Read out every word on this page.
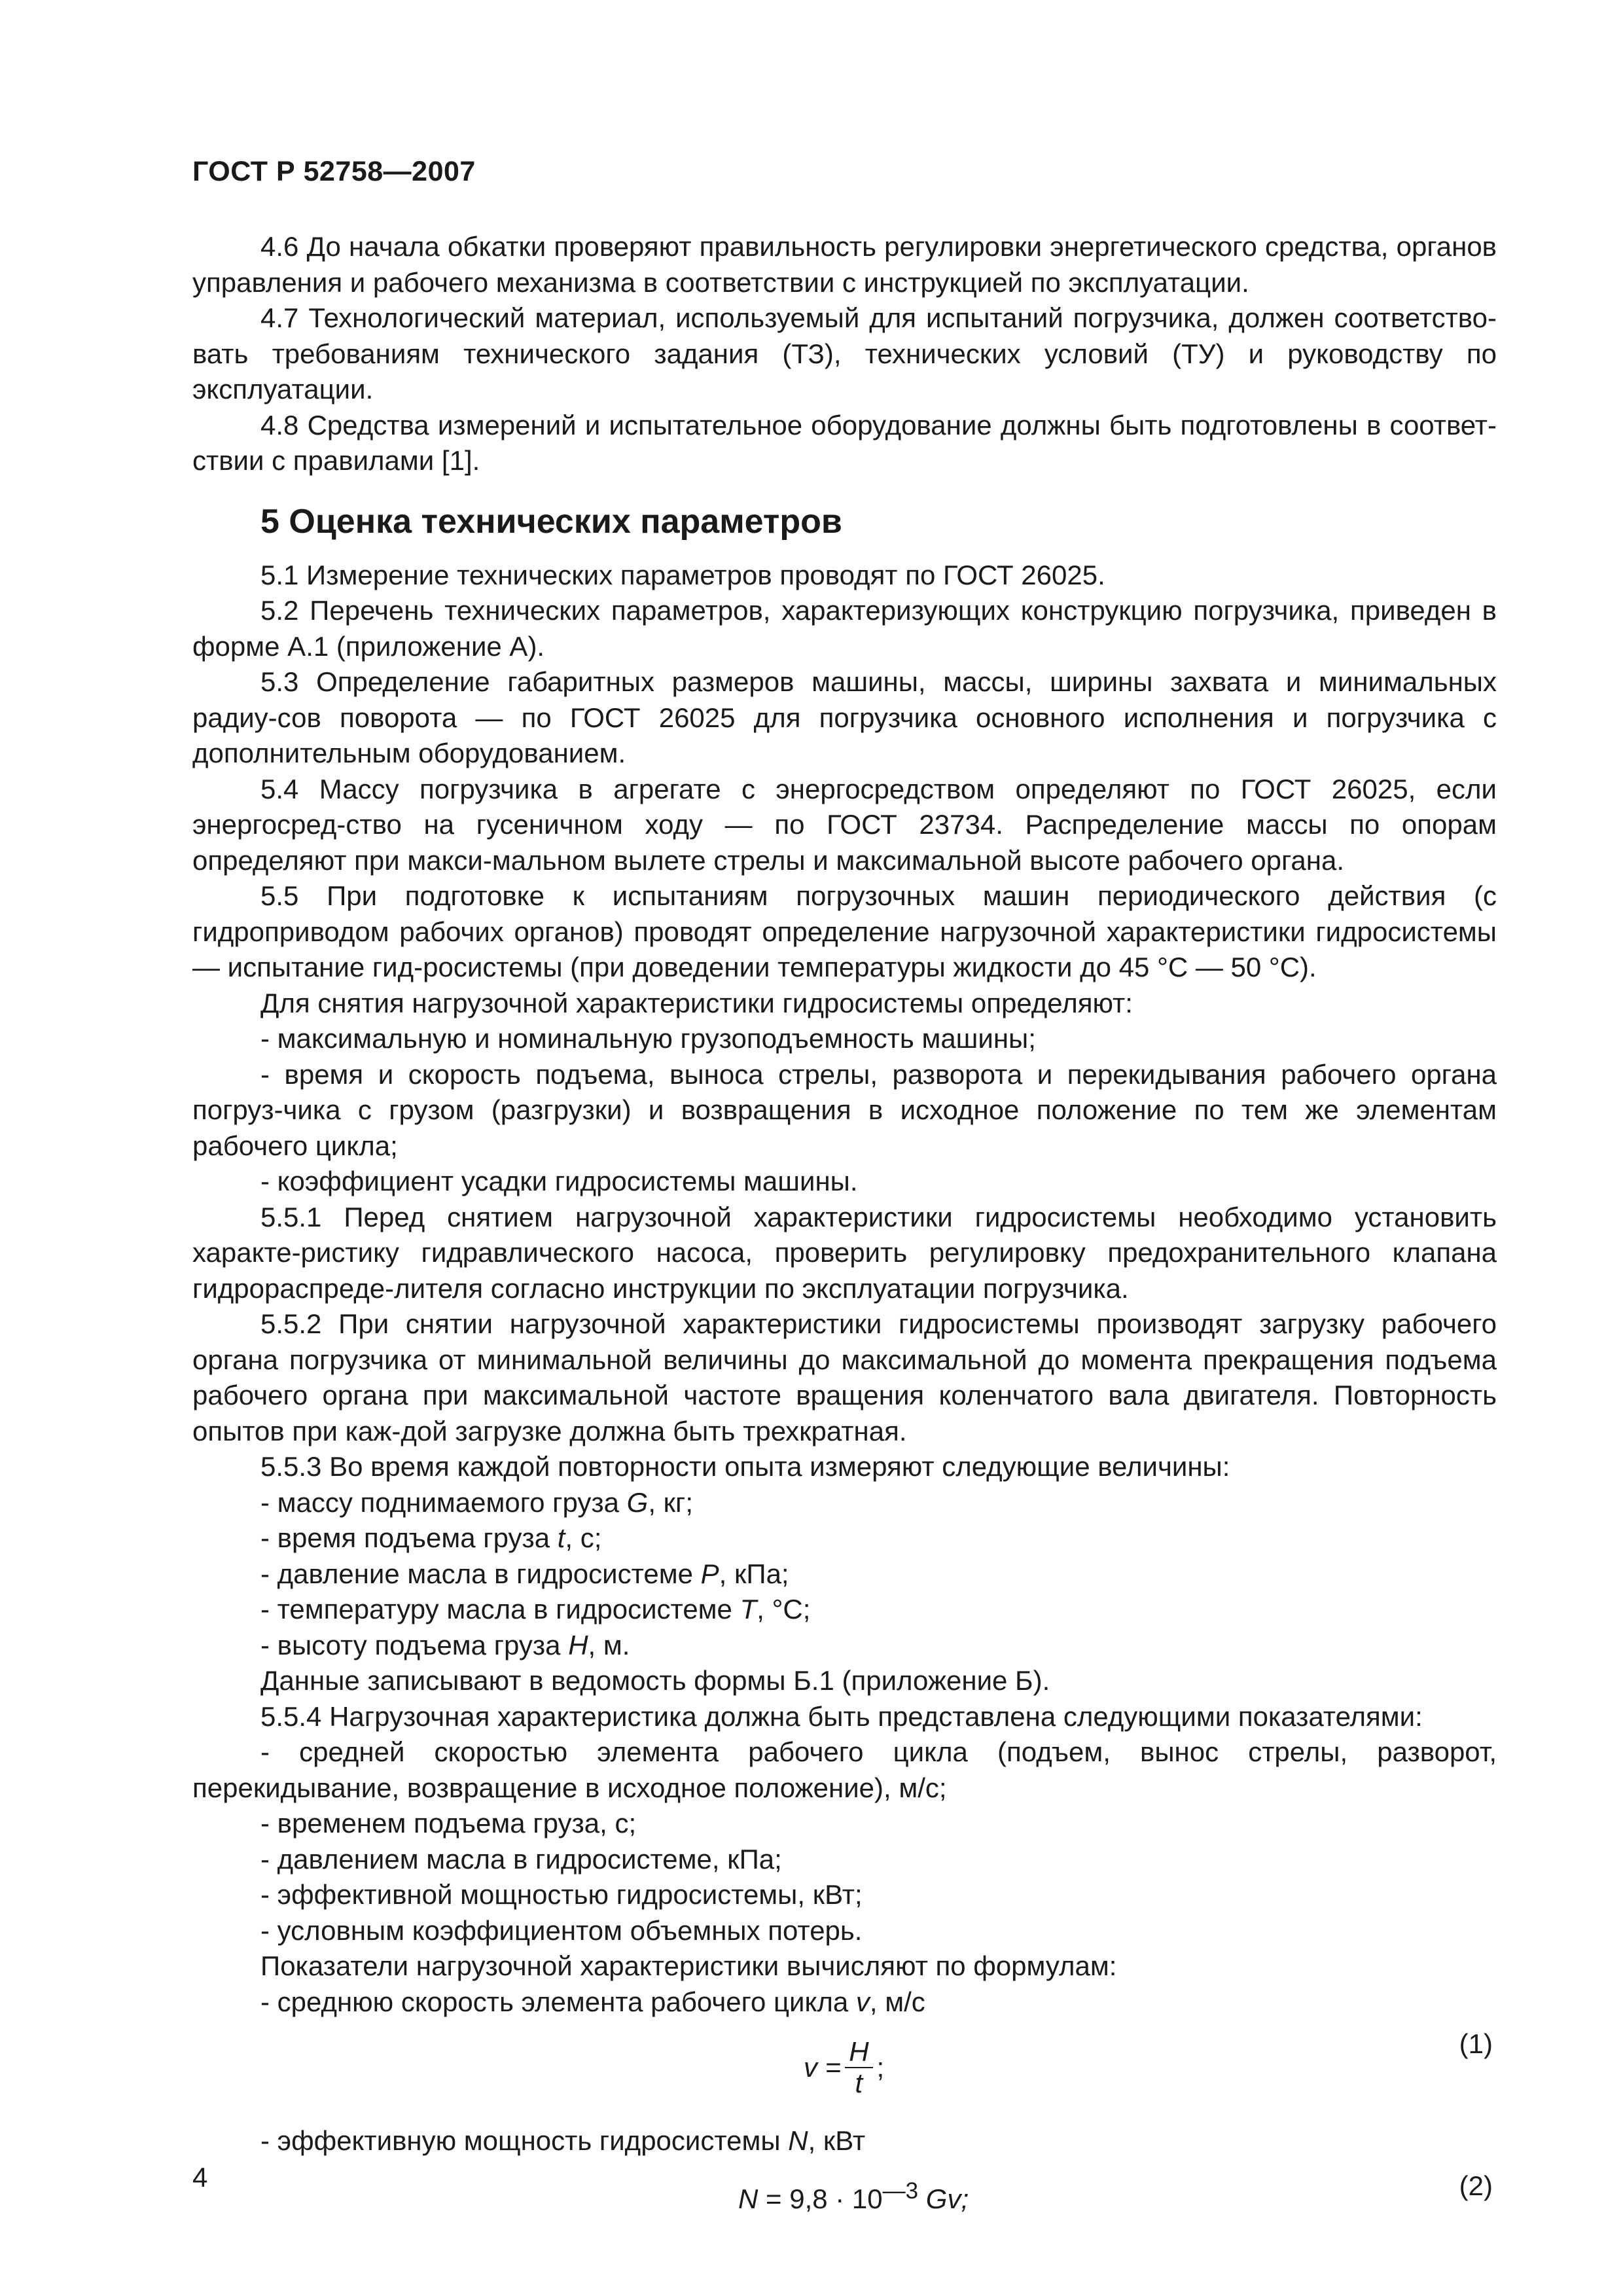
ГОСТ Р 52758—2007

4.6 До начала обкатки проверяют правильность регулировки энергетического средства, органов управления и рабочего механизма в соответствии с инструкцией по эксплуатации.

4.7 Технологический материал, используемый для испытаний погрузчика, должен соответство-вать требованиям технического задания (ТЗ), технических условий (ТУ) и руководству по эксплуатации.

4.8 Средства измерений и испытательное оборудование должны быть подготовлены в соответ-ствии с правилами [1].

5 Оценка технических параметров

5.1 Измерение технических параметров проводят по ГОСТ 26025.

5.2 Перечень технических параметров, характеризующих конструкцию погрузчика, приведен в форме А.1 (приложение А).

5.3 Определение габаритных размеров машины, массы, ширины захвата и минимальных радиу-сов поворота — по ГОСТ 26025 для погрузчика основного исполнения и погрузчика с дополнительным оборудованием.

5.4 Массу погрузчика в агрегате с энергосредством определяют по ГОСТ 26025, если энергосред-ство на гусеничном ходу — по ГОСТ 23734. Распределение массы по опорам определяют при макси-мальном вылете стрелы и максимальной высоте рабочего органа.

5.5 При подготовке к испытаниям погрузочных машин периодического действия (с гидроприводом рабочих органов) проводят определение нагрузочной характеристики гидросистемы — испытание гид-росистемы (при доведении температуры жидкости до 45 °С — 50 °С).

Для снятия нагрузочной характеристики гидросистемы определяют:

- максимальную и номинальную грузоподъемность машины;

- время и скорость подъема, выноса стрелы, разворота и перекидывания рабочего органа погруз-чика с грузом (разгрузки) и возвращения в исходное положение по тем же элементам рабочего цикла;

- коэффициент усадки гидросистемы машины.

5.5.1 Перед снятием нагрузочной характеристики гидросистемы необходимо установить характе-ристику гидравлического насоса, проверить регулировку предохранительного клапана гидрораспреде-лителя согласно инструкции по эксплуатации погрузчика.

5.5.2 При снятии нагрузочной характеристики гидросистемы производят загрузку рабочего органа погрузчика от минимальной величины до максимальной до момента прекращения подъема рабочего органа при максимальной частоте вращения коленчатого вала двигателя. Повторность опытов при каж-дой загрузке должна быть трехкратная.

5.5.3 Во время каждой повторности опыта измеряют следующие величины:

- массу поднимаемого груза G, кг;

- время подъема груза t, с;

- давление масла в гидросистеме P, кПа;

- температуру масла в гидросистеме T, °С;

- высоту подъема груза H, м.

Данные записывают в ведомость формы Б.1 (приложение Б).

5.5.4 Нагрузочная характеристика должна быть представлена следующими показателями:

- средней скоростью элемента рабочего цикла (подъем, вынос стрелы, разворот, перекидывание, возвращение в исходное положение), м/с;

- временем подъема груза, с;

- давлением масла в гидросистеме, кПа;

- эффективной мощностью гидросистемы, кВт;

- условным коэффициентом объемных потерь.

Показатели нагрузочной характеристики вычисляют по формулам:

- среднюю скорость элемента рабочего цикла v, м/с

$v = \frac{H}{t}$ ;
(1)

- эффективную мощность гидросистемы N, кВт

$N = 9,8 \cdot 10^{—3}$ Gv;	(2)
4
